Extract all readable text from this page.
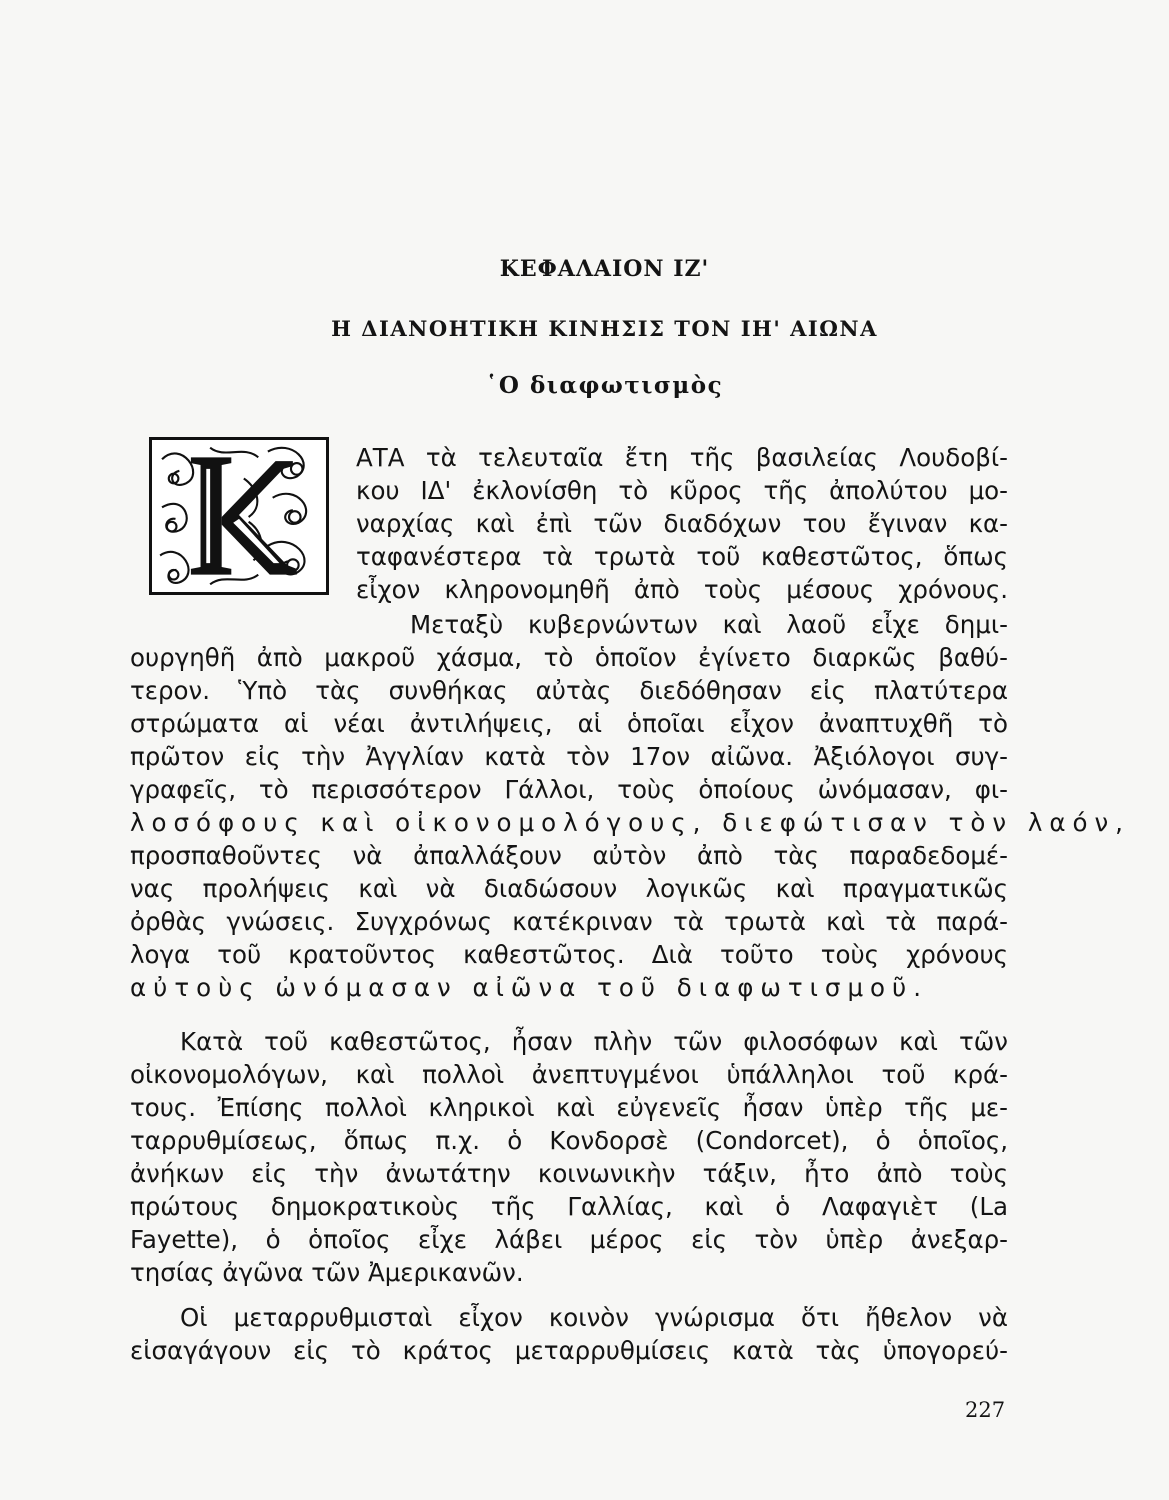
ΚΕΦΑΛΑΙΟΝ ΙΖ'
Η ΔΙΑΝΟΗΤΙΚΗ ΚΙΝΗΣΙΣ ΤΟΝ ΙΗ' ΑΙΩΝΑ
῾Ο διαφωτισμὸς
ΑΤΑ τὰ τελευταῖα ἔτη τῆς βασιλείας Λουδοβί-
κου ΙΔ' ἐκλονίσθη τὸ κῦρος τῆς ἀπολύτου μο-
ναρχίας καὶ ἐπὶ τῶν διαδόχων του ἔγιναν κα-
ταφανέστερα τὰ τρωτὰ τοῦ καθεστῶτος, ὅπως
εἶχον κληρονομηθῆ ἀπὸ τοὺς μέσους χρόνους.
Μεταξὺ κυβερνώντων καὶ λαοῦ εἶχε δημι-
ουργηθῆ ἀπὸ μακροῦ χάσμα, τὸ ὁποῖον ἐγίνετο διαρκῶς βαθύ-
τερον. Ὑπὸ τὰς συνθήκας αὐτὰς διεδόθησαν εἰς πλατύτερα
στρώματα αἱ νέαι ἀντιλήψεις, αἱ ὁποῖαι εἶχον ἀναπτυχθῆ τὸ
πρῶτον εἰς τὴν Ἀγγλίαν κατὰ τὸν 17ον αἰῶνα. Ἀξιόλογοι συγ-
γραφεῖς, τὸ περισσότερον Γάλλοι, τοὺς ὁποίους ὠνόμασαν, φι-
λοσόφους καὶ οἰκονομολόγους, διεφώτισαν τὸν λαόν,
προσπαθοῦντες νὰ ἀπαλλάξουν αὐτὸν ἀπὸ τὰς παραδεδομέ-
νας προλήψεις καὶ νὰ διαδώσουν λογικῶς καὶ πραγματικῶς
ὀρθὰς γνώσεις. Συγχρόνως κατέκριναν τὰ τρωτὰ καὶ τὰ παρά-
λογα τοῦ κρατοῦντος καθεστῶτος. Διὰ τοῦτο τοὺς χρόνους
αὐτοὺς ὠνόμασαν αἰῶνα τοῦ διαφωτισμοῦ.
Κατὰ τοῦ καθεστῶτος, ἦσαν πλὴν τῶν φιλοσόφων καὶ τῶν
οἰκονομολόγων, καὶ πολλοὶ ἀνεπτυγμένοι ὑπάλληλοι τοῦ κρά-
τους. Ἐπίσης πολλοὶ κληρικοὶ καὶ εὐγενεῖς ἦσαν ὑπὲρ τῆς με-
ταρρυθμίσεως, ὅπως π.χ. ὁ Κονδορσὲ (Condorcet), ὁ ὁποῖος,
ἀνήκων εἰς τὴν ἀνωτάτην κοινωνικὴν τάξιν, ἦτο ἀπὸ τοὺς
πρώτους δημοκρατικοὺς τῆς Γαλλίας, καὶ ὁ Λαφαγιὲτ (La
Fayette), ὁ ὁποῖος εἶχε λάβει μέρος εἰς τὸν ὑπὲρ ἀνεξαρ-
τησίας ἀγῶνα τῶν Ἀμερικανῶν.
Οἱ μεταρρυθμισταὶ εἶχον κοινὸν γνώρισμα ὅτι ἤθελον νὰ
εἰσαγάγουν εἰς τὸ κράτος μεταρρυθμίσεις κατὰ τὰς ὑπογορεύ-
227
